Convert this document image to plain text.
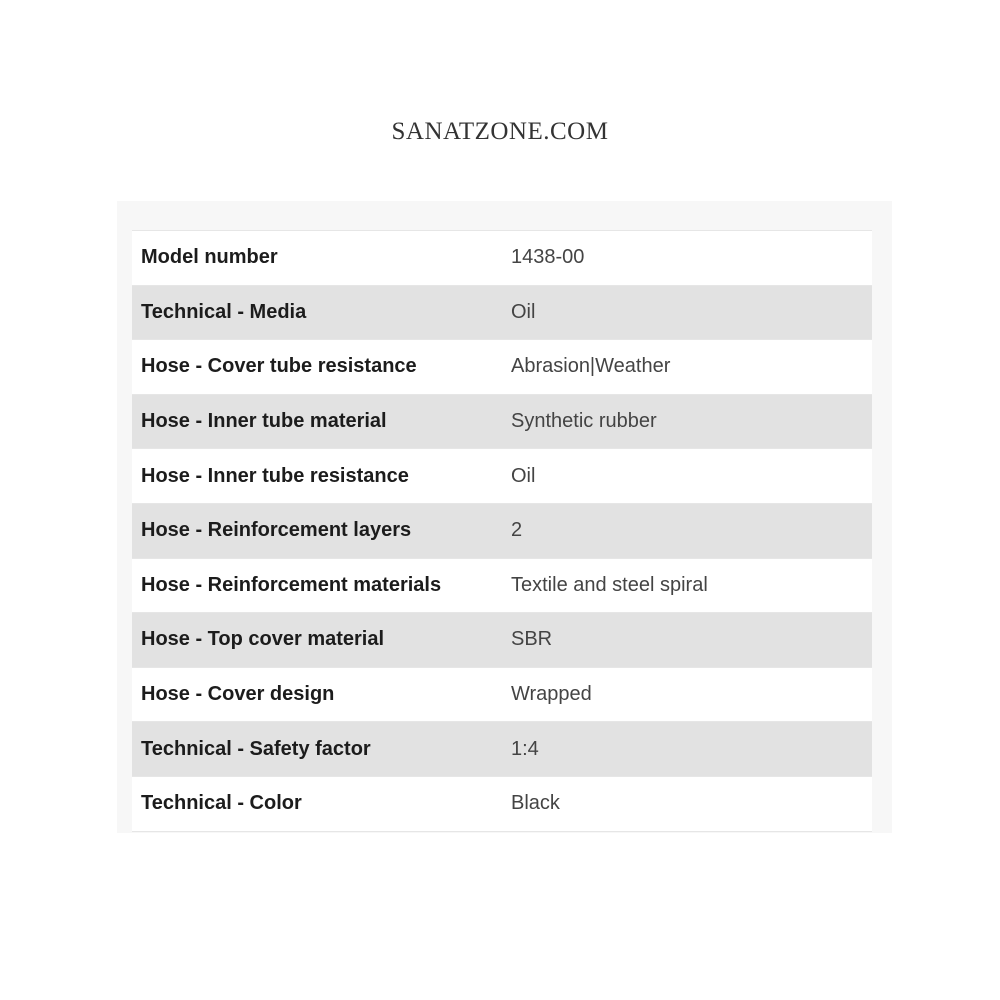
SANATZONE.COM
Model number	1438-00
Technical - Media	Oil
Hose - Cover tube resistance	Abrasion|Weather
Hose - Inner tube material	Synthetic rubber
Hose - Inner tube resistance	Oil
Hose - Reinforcement layers	2
Hose - Reinforcement materials	Textile and steel spiral
Hose - Top cover material	SBR
Hose - Cover design	Wrapped
Technical - Safety factor	1:4
Technical - Color	Black
